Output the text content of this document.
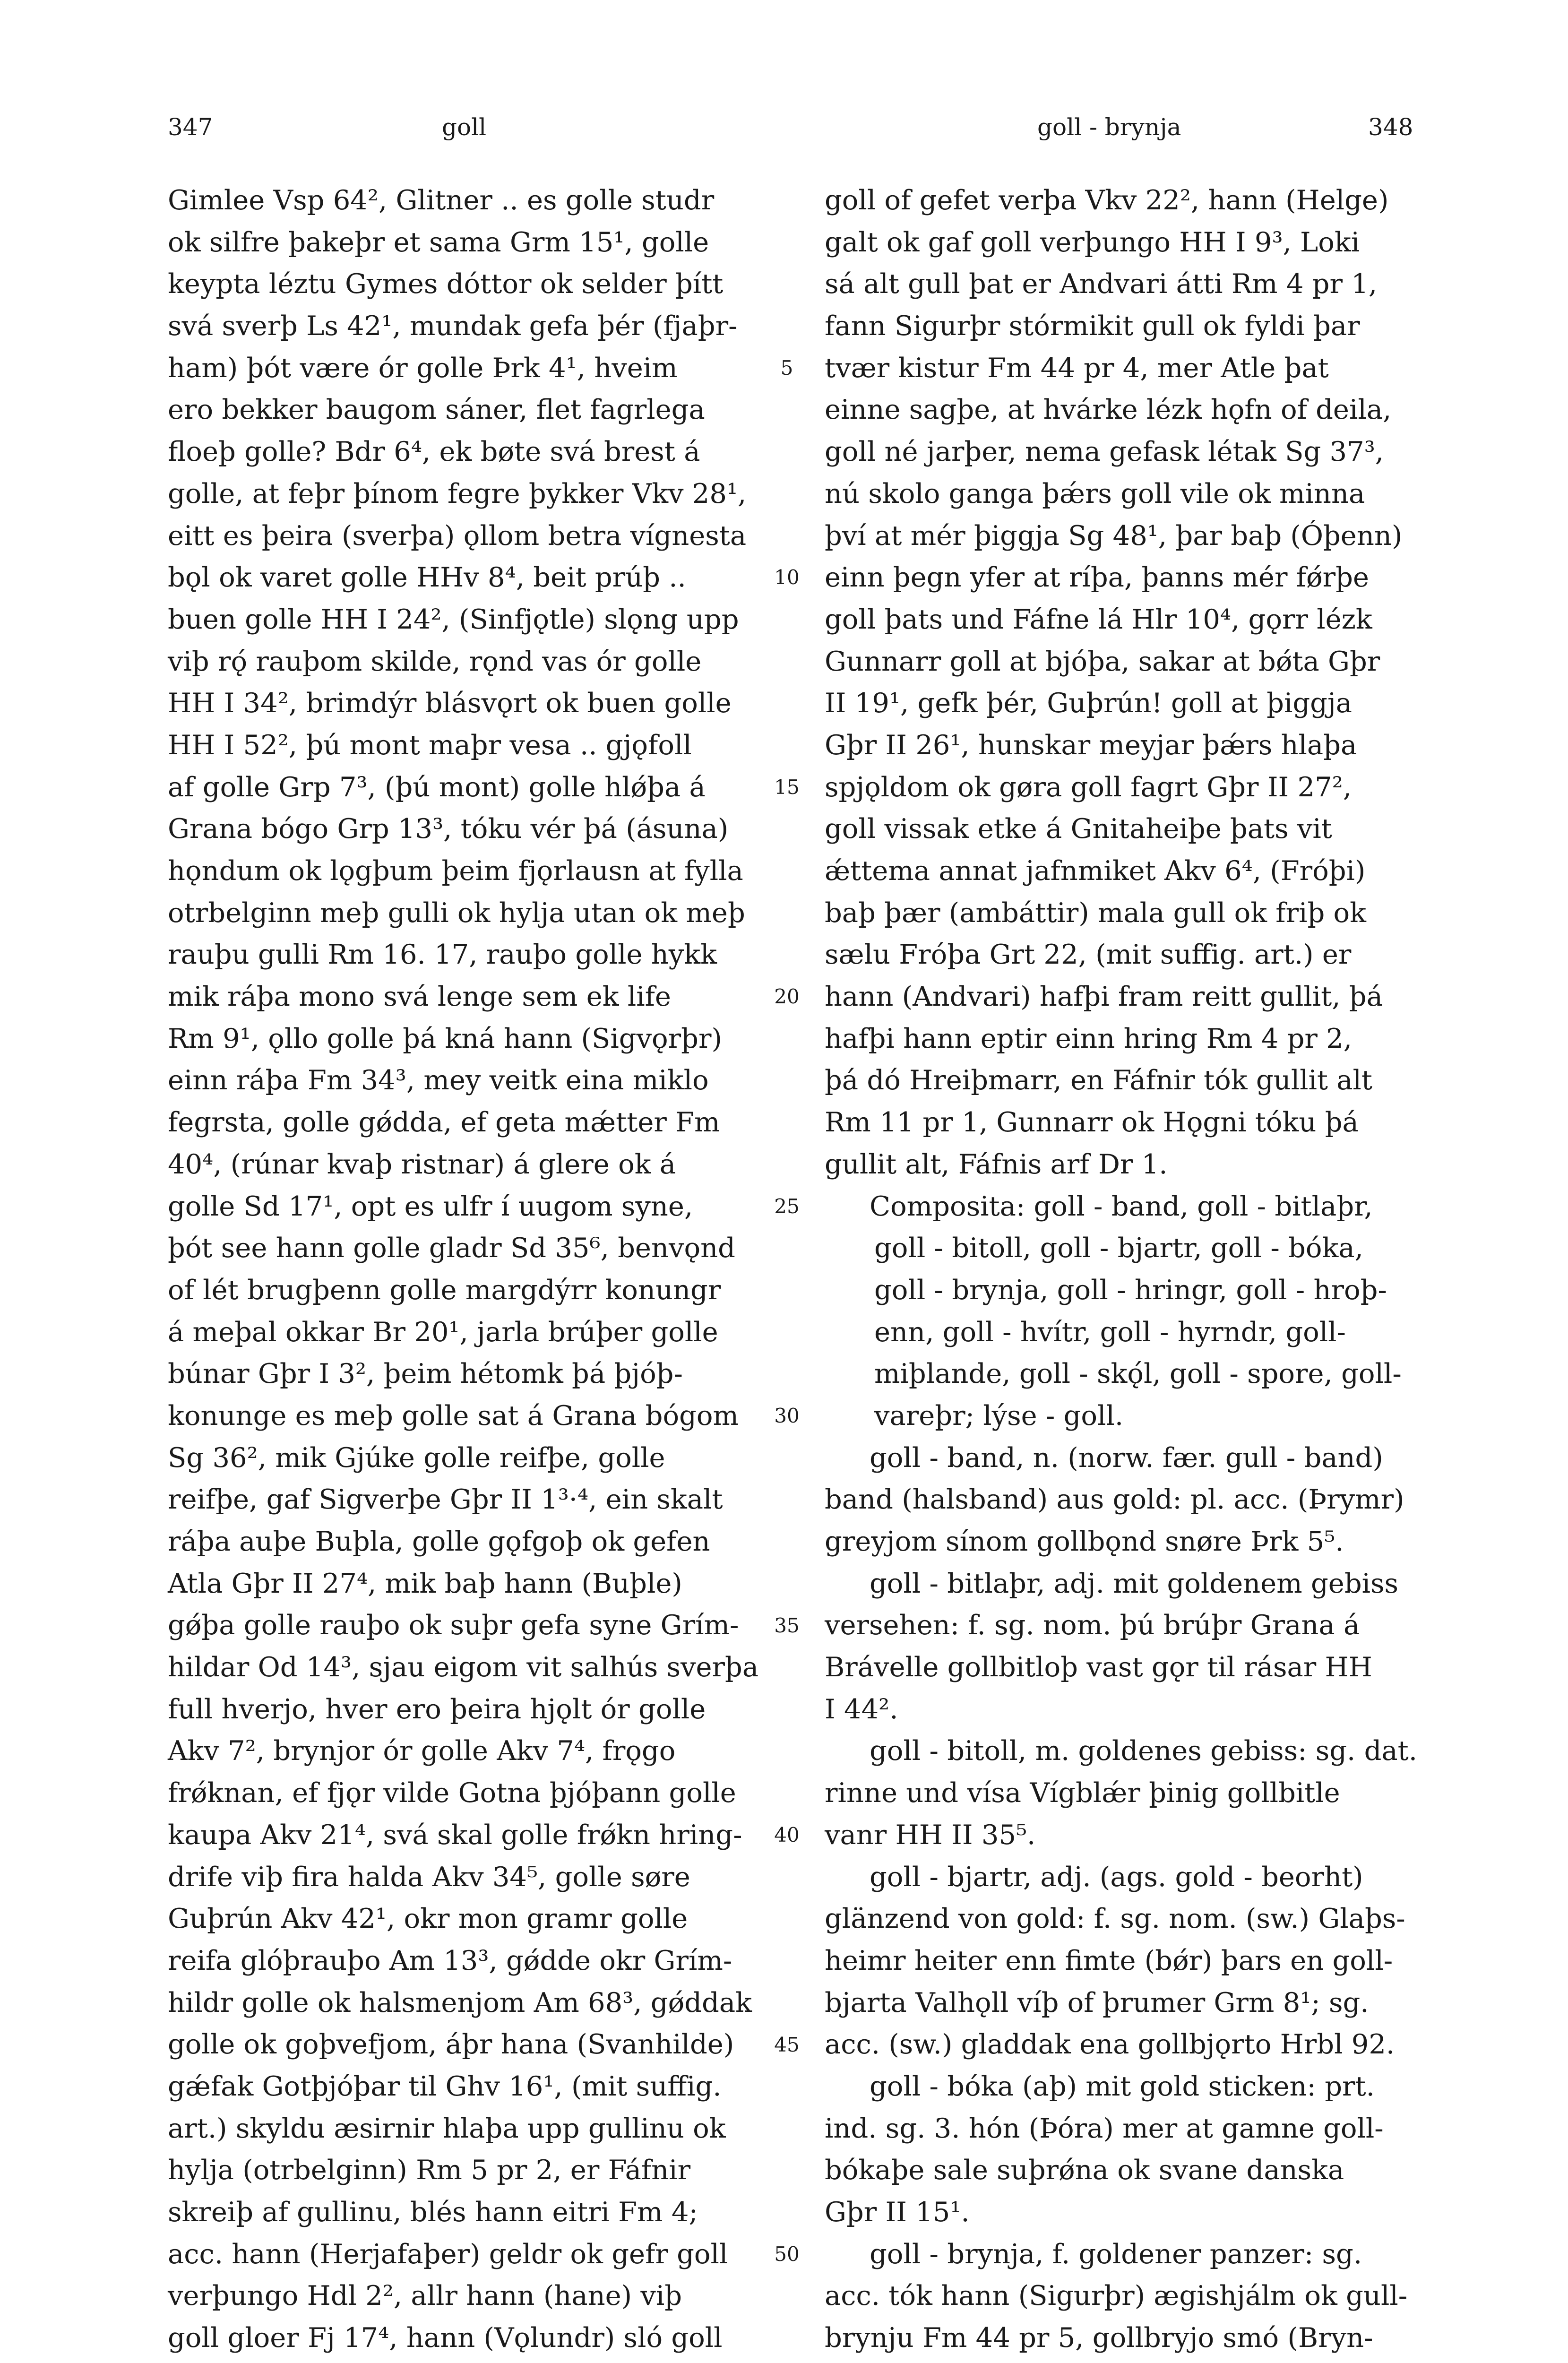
347	goll	goll - brynja	348
Gimlee Vsp 64², Glitner .. es golle studr
ok silfre þakeþr et sama Grm 15¹, golle
keypta léztu Gymes dóttor ok selder þítt
svá sverþ Ls 42¹, mundak gefa þér (fjaþr-
ham) þót være ór golle Þrk 4¹, hveim
ero bekker baugom sáner, flet fagrlega
floeþ golle? Bdr 6⁴, ek bøte svá brest á
golle, at feþr þínom fegre þykker Vkv 28¹,
eitt es þeira (sverþa) ǫllom betra vígnesta
bǫl ok varet golle HHv 8⁴, beit prúþ ..
buen golle HH I 24², (Sinfjǫtle) slǫng upp
viþ rǫ́ rauþom skilde, rǫnd vas ór golle
HH I 34², brimdýr blásvǫrt ok buen golle
HH I 52², þú mont maþr vesa .. gjǫfoll
af golle Grp 7³, (þú mont) golle hlǿþa á
Grana bógo Grp 13³, tóku vér þá (ásuna)
hǫndum ok lǫgþum þeim fjǫrlausn at fylla
otrbelginn meþ gulli ok hylja utan ok meþ
rauþu gulli Rm 16. 17, rauþo golle hykk
mik ráþa mono svá lenge sem ek life
Rm 9¹, ǫllo golle þá kná hann (Sigvǫrþr)
einn ráþa Fm 34³, mey veitk eina miklo
fegrsta, golle gǿdda, ef geta mǽtter Fm
40⁴, (rúnar kvaþ ristnar) á glere ok á
golle Sd 17¹, opt es ulfr í uugom syne,
þót see hann golle gladr Sd 35⁶, benvǫnd
of lét brugþenn golle margdýrr konungr
á meþal okkar Br 20¹, jarla brúþer golle
búnar Gþr I 3², þeim hétomk þá þjóþ-
konunge es meþ golle sat á Grana bógom
Sg 36², mik Gjúke golle reifþe, golle
reifþe, gaf Sigverþe Gþr II 1³·⁴, ein skalt
ráþa auþe Buþla, golle gǫfgoþ ok gefen
Atla Gþr II 27⁴, mik baþ hann (Buþle)
gǿþa golle rauþo ok suþr gefa syne Grím-
hildar Od 14³, sjau eigom vit salhús sverþa
full hverjo, hver ero þeira hjǫlt ór golle
Akv 7², brynjor ór golle Akv 7⁴, frǫgo
frǿknan, ef fjǫr vilde Gotna þjóþann golle
kaupa Akv 21⁴, svá skal golle frǿkn hring-
drife viþ fira halda Akv 34⁵, golle søre
Guþrún Akv 42¹, okr mon gramr golle
reifa glóþrauþo Am 13³, gǿdde okr Grím-
hildr golle ok halsmenjom Am 68³, gǿddak
golle ok goþvefjom, áþr hana (Svanhilde)
gǽfak Gotþjóþar til Ghv 16¹, (mit suffig.
art.) skyldu æsirnir hlaþa upp gullinu ok
hylja (otrbelginn) Rm 5 pr 2, er Fáfnir
skreiþ af gullinu, blés hann eitri Fm 4;
acc. hann (Herjafaþer) geldr ok gefr goll
verþungo Hdl 2², allr hann (hane) viþ
goll gloer Fj 17⁴, hann (Vǫlundr) sló goll
goll of gefet verþa Vkv 22², hann (Helge)
galt ok gaf goll verþungo HH I 9³, Loki
sá alt gull þat er Andvari átti Rm 4 pr 1,
fann Sigurþr stórmikit gull ok fyldi þar
tvær kistur Fm 44 pr 4, mer Atle þat
einne sagþe, at hvárke lézk hǫfn of deila,
goll né jarþer, nema gefask létak Sg 37³,
nú skolo ganga þǽrs goll vile ok minna
því at mér þiggja Sg 48¹, þar baþ (Óþenn)
einn þegn yfer at ríþa, þanns mér fǿrþe
goll þats und Fáfne lá Hlr 10⁴, gǫrr lézk
Gunnarr goll at bjóþa, sakar at bǿta Gþr
II 19¹, gefk þér, Guþrún! goll at þiggja
Gþr II 26¹, hunskar meyjar þǽrs hlaþa
spjǫldom ok gøra goll fagrt Gþr II 27²,
goll vissak etke á Gnitaheiþe þats vit
ǽttema annat jafnmiket Akv 6⁴, (Fróþi)
baþ þær (ambáttir) mala gull ok friþ ok
sælu Fróþa Grt 22, (mit suffig. art.) er
hann (Andvari) hafþi fram reitt gullit, þá
hafþi hann eptir einn hring Rm 4 pr 2,
þá dó Hreiþmarr, en Fáfnir tók gullit alt
Rm 11 pr 1, Gunnarr ok Hǫgni tóku þá
gullit alt, Fáfnis arf Dr 1.
Composita: goll - band, goll - bitlaþr,
goll - bitoll, goll - bjartr, goll - bóka,
goll - brynja, goll - hringr, goll - hroþ-
enn, goll - hvítr, goll - hyrndr, goll-
miþlande, goll - skǫ́l, goll - spore, goll-
vareþr; lýse - goll.
goll - band, n. (norw. fær. gull - band)
band (halsband) aus gold: pl. acc. (Þrymr)
greyjom sínom gollbǫnd snøre Þrk 5⁵.
goll - bitlaþr, adj. mit goldenem gebiss
versehen: f. sg. nom. þú brúþr Grana á
Brávelle gollbitloþ vast gǫr til rásar HH
I 44².
goll - bitoll, m. goldenes gebiss: sg. dat.
rinne und vísa Vígblǽr þinig gollbitle
vanr HH II 35⁵.
goll - bjartr, adj. (ags. gold - beorht)
glänzend von gold: f. sg. nom. (sw.) Glaþs-
heimr heiter enn fimte (bǿr) þars en goll-
bjarta Valhǫll víþ of þrumer Grm 8¹; sg.
acc. (sw.) gladdak ena gollbjǫrto Hrbl 92.
goll - bóka (aþ) mit gold sticken: prt.
ind. sg. 3. hón (Þóra) mer at gamne goll-
bókaþe sale suþrǿna ok svane danska
Gþr II 15¹.
goll - brynja, f. goldener panzer: sg.
acc. tók hann (Sigurþr) ægishjálm ok gull-
brynju Fm 44 pr 5, gollbryjo smó (Bryn-
5
10
15
20
25
30
35
40
45
50
